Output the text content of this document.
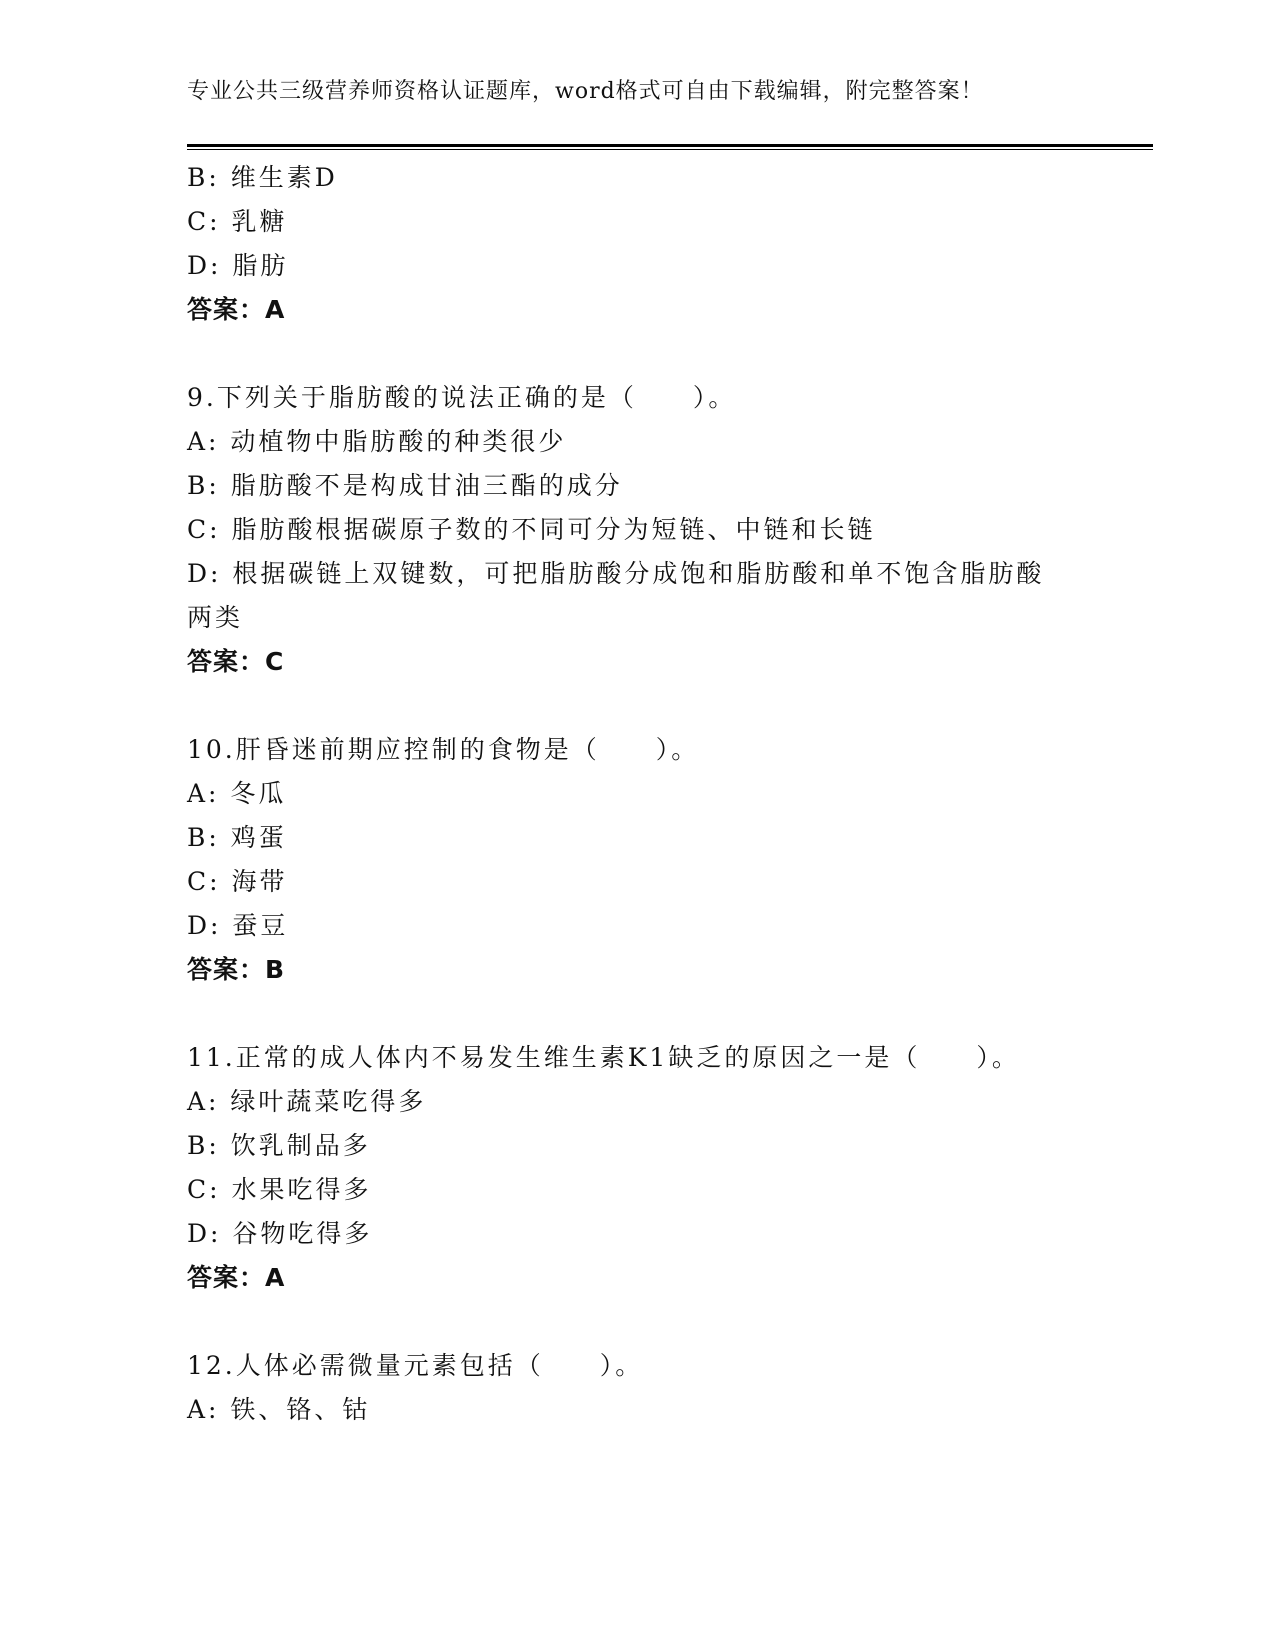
专业公共三级营养师资格认证题库，word格式可自由下载编辑，附完整答案！
B: 维生素D
C: 乳糖
D: 脂肪
答案：A
9.下列关于脂肪酸的说法正确的是（　　）。
A: 动植物中脂肪酸的种类很少
B: 脂肪酸不是构成甘油三酯的成分
C: 脂肪酸根据碳原子数的不同可分为短链、中链和长链
D: 根据碳链上双键数，可把脂肪酸分成饱和脂肪酸和单不饱含脂肪酸
两类
答案：C
10.肝昏迷前期应控制的食物是（　　）。
A: 冬瓜
B: 鸡蛋
C: 海带
D: 蚕豆
答案：B
11.正常的成人体内不易发生维生素K1缺乏的原因之一是（　　）。
A: 绿叶蔬菜吃得多
B: 饮乳制品多
C: 水果吃得多
D: 谷物吃得多
答案：A
12.人体必需微量元素包括（　　）。
A: 铁、铬、钴
